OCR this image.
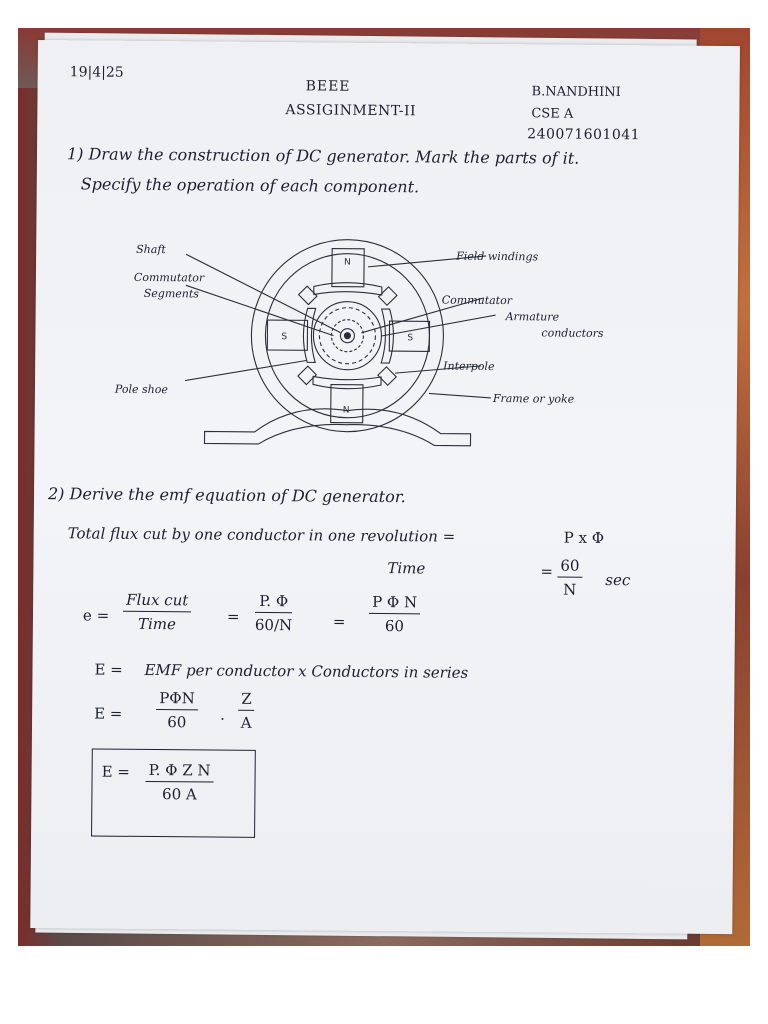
19|4|25
BEEE
ASSIGINMENT-II
B.NANDHINI
CSE A
240071601041
1) Draw the construction of DC generator. Mark the parts of it.
Specify the operation of each component.
N
N
S	S
Shaft
Commutator
Segments
Pole shoe
Field windings
Commutator
Armature
conductors
Interpole
Frame or yoke
2) Derive the emf equation of DC generator.
Total flux cut by one conductor in one revolution =	P x Φ
Time	= $\frac{60}{N}$ sec
e =
Flux cut
Time	= $\frac{P. \Phi}{60/N}$	= $\frac{\text{P Φ N}}{60}$
E = EMF per conductor x Conductors in series
E =
PΦN
60	. $\frac{Z}{A}$
$E = \frac{\text{P. Φ Z N}}{60 A}$
